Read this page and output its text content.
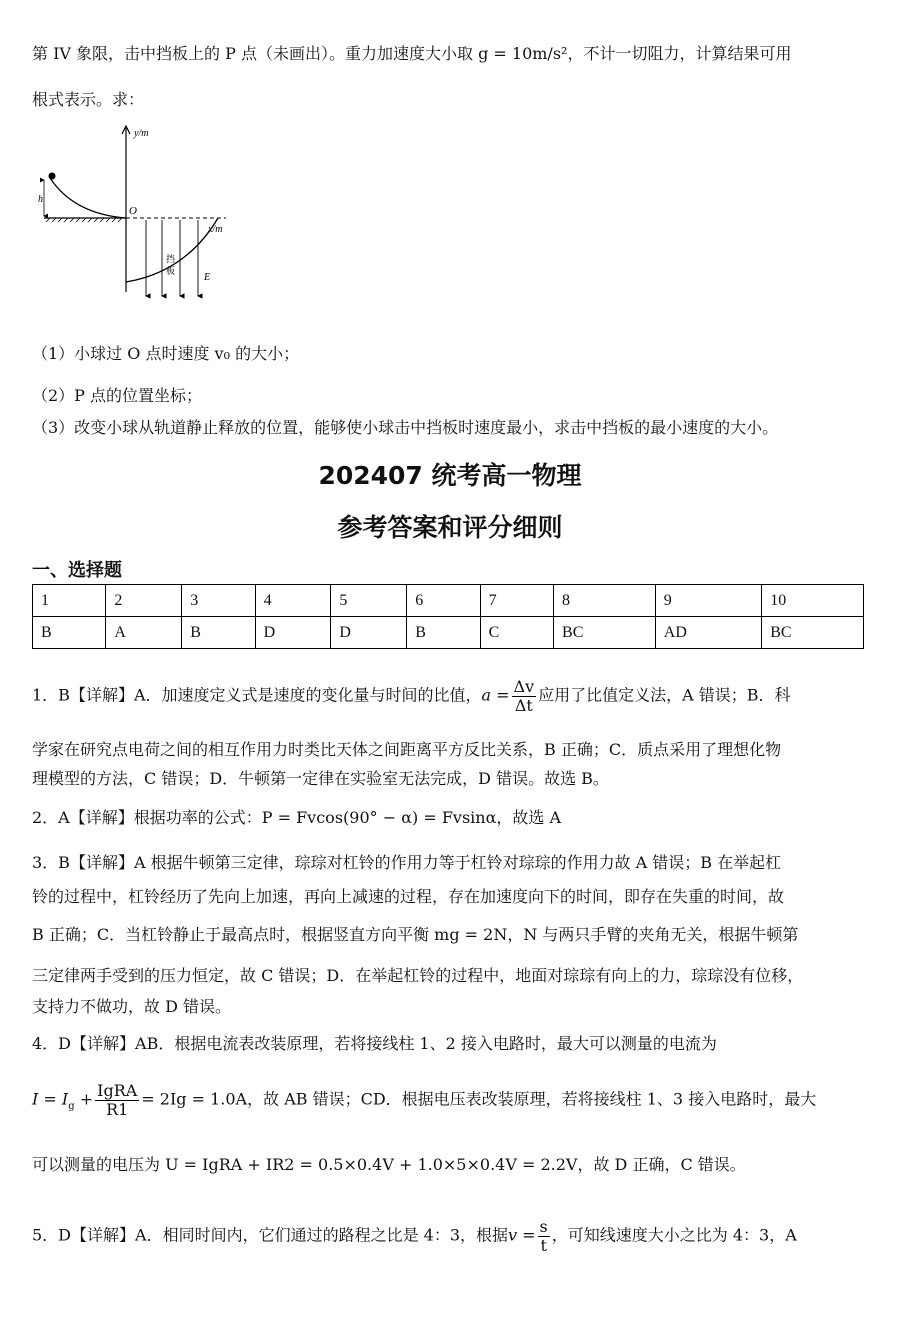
第 IV 象限，击中挡板上的 P 点（未画出）。重力加速度大小取 g = 10m/s²，不计一切阻力，计算结果可用
根式表示。求：
y/m
x/m
O
h
挡
板
E
（1）小球过 O 点时速度 v₀ 的大小；
（2）P 点的位置坐标；
（3）改变小球从轨道静止释放的位置，能够使小球击中挡板时速度最小，求击中挡板的最小速度的大小。
202407 统考高一物理
参考答案和评分细则
一、选择题
1	2	3	4	5	6	7	8	9	10
B	A	B	D	D	B	C	BC	AD	BC
1．B【详解】A．加速度定义式是速度的变化量与时间的比值，$a = \frac{\Delta v}{\Delta t}$ 应用了比值定义法，A 错误；B．科
学家在研究点电荷之间的相互作用力时类比天体之间距离平方反比关系，B 正确；C．质点采用了理想化物
理模型的方法，C 错误；D．牛顿第一定律在实验室无法完成，D 错误。故选 B。
2．A【详解】根据功率的公式：P = Fvcos(90° − α) = Fvsinα，故选 A
3．B【详解】A 根据牛顿第三定律，琮琮对杠铃的作用力等于杠铃对琮琮的作用力故 A 错误；B 在举起杠
铃的过程中，杠铃经历了先向上加速，再向上减速的过程，存在加速度向下的时间，即存在失重的时间，故
B 正确；C．当杠铃静止于最高点时，根据竖直方向平衡 mg = 2N，N 与两只手臂的夹角无关，根据牛顿第
三定律两手受到的压力恒定，故 C 错误；D．在举起杠铃的过程中，地面对琮琮有向上的力，琮琮没有位移，
支持力不做功，故 D 错误。
4．D【详解】AB．根据电流表改装原理，若将接线柱 1、2 接入电路时，最大可以测量的电流为
$I = I_g + \frac{\text{IgRA}}{R1} = 2Ig = 1.0A$，故 AB 错误；CD．根据电压表改装原理，若将接线柱 1、3 接入电路时，最大
可以测量的电压为 U = IgRA + IR2 = 0.5×0.4V + 1.0×5×0.4V = 2.2V，故 D 正确，C 错误。
5．D【详解】A．相同时间内，它们通过的路程之比是 4：3，根据$v = \frac{s}{t}$ ，可知线速度大小之比为 4：3，A
